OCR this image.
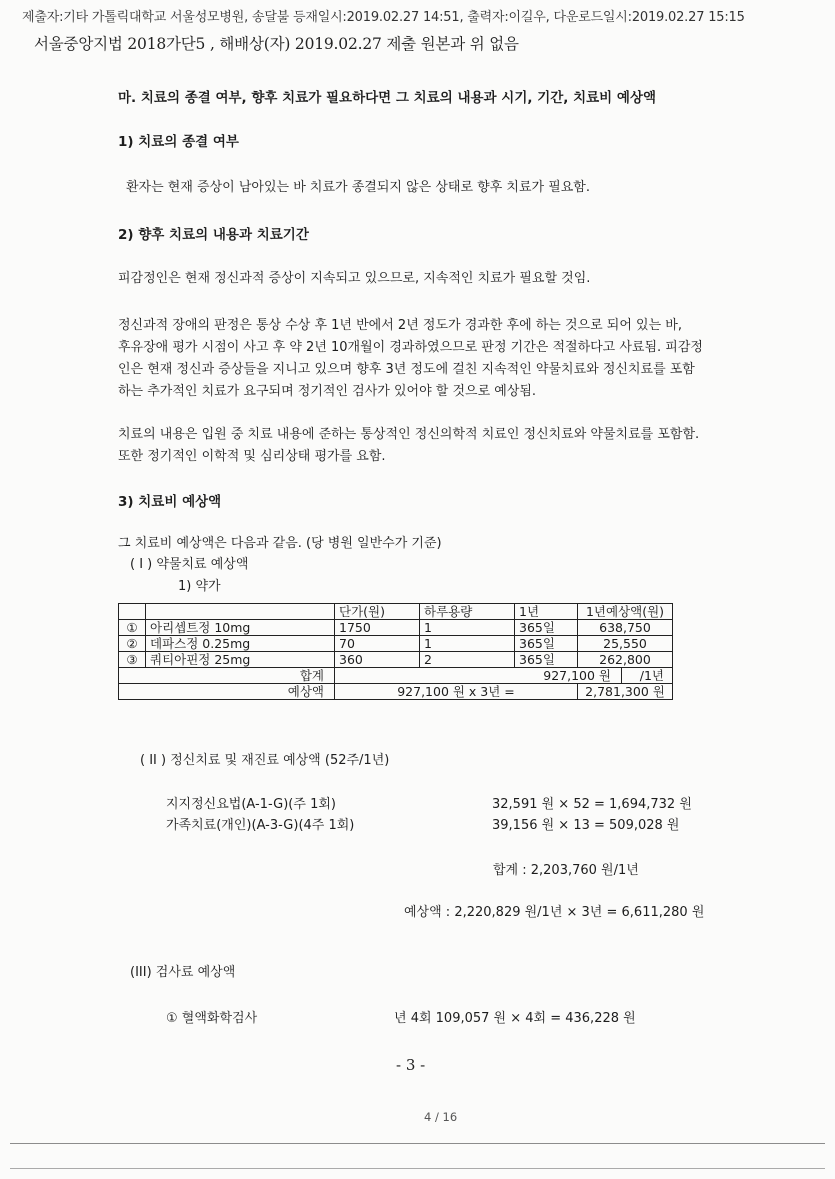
제출자:기타 가톨릭대학교 서울성모병원, 송달불 등재일시:2019.02.27 14:51, 출력자:이길우, 다운로드일시:2019.02.27 15:15
서울중앙지법 2018가단5 , 해배상(자) 2019.02.27 제출 원본과 위 없음
마. 치료의 종결 여부, 향후 치료가 필요하다면 그 치료의 내용과 시기, 기간, 치료비 예상액
1) 치료의 종결 여부
환자는 현재 증상이 남아있는 바 치료가 종결되지 않은 상태로 향후 치료가 필요함.
2) 향후 치료의 내용과 치료기간
피감정인은 현재 정신과적 증상이 지속되고 있으므로, 지속적인 치료가 필요할 것임.

정신과적 장애의 판정은 통상 수상 후 1년 반에서 2년 정도가 경과한 후에 하는 것으로 되어 있는 바,

후유장애 평가 시점이 사고 후 약 2년 10개월이 경과하였으므로 판정 기간은 적절하다고 사료됨. 피감정

인은 현재 정신과 증상들을 지니고 있으며 향후 3년 정도에 걸친 지속적인 약물치료와 정신치료를 포함

하는 추가적인 치료가 요구되며 정기적인 검사가 있어야 할 것으로 예상됨.

치료의 내용은 입원 중 치료 내용에 준하는 통상적인 정신의학적 치료인 정신치료와 약물치료를 포함함.

또한 정기적인 이학적 및 심리상태 평가를 요함.

3) 치료비 예상액
그 치료비 예상액은 다음과 같음. (당 병원 일반수가 기준)
( I ) 약물치료 예상액
1) 약가
		단가(원)	하루용량	1년	1년예상액(원)
①	아리셉트정 10mg	1750	1	365일	638,750
②	데파스정 0.25mg	70	1	365일	25,550
③	쿼티아핀정 25mg	360	2	365일	262,800
합계		927,100 원 /1년			
예상액		927,100 원 x 3년 =			2,781,300 원
( II ) 정신치료 및 재진료 예상액 (52주/1년)
지지정신요법(A-1-G)(주 1회)	32,591 원 × 52 = 1,694,732 원
가족치료(개인)(A-3-G)(4주 1회)	39,156 원 × 13 = 509,028 원
합계 : 2,203,760 원/1년
예상액 : 2,220,829 원/1년 × 3년 = 6,611,280 원
(III) 검사료 예상액
① 혈액화학검사	년 4회 109,057 원 × 4회 = 436,228 원
- 3 -
4 / 16
